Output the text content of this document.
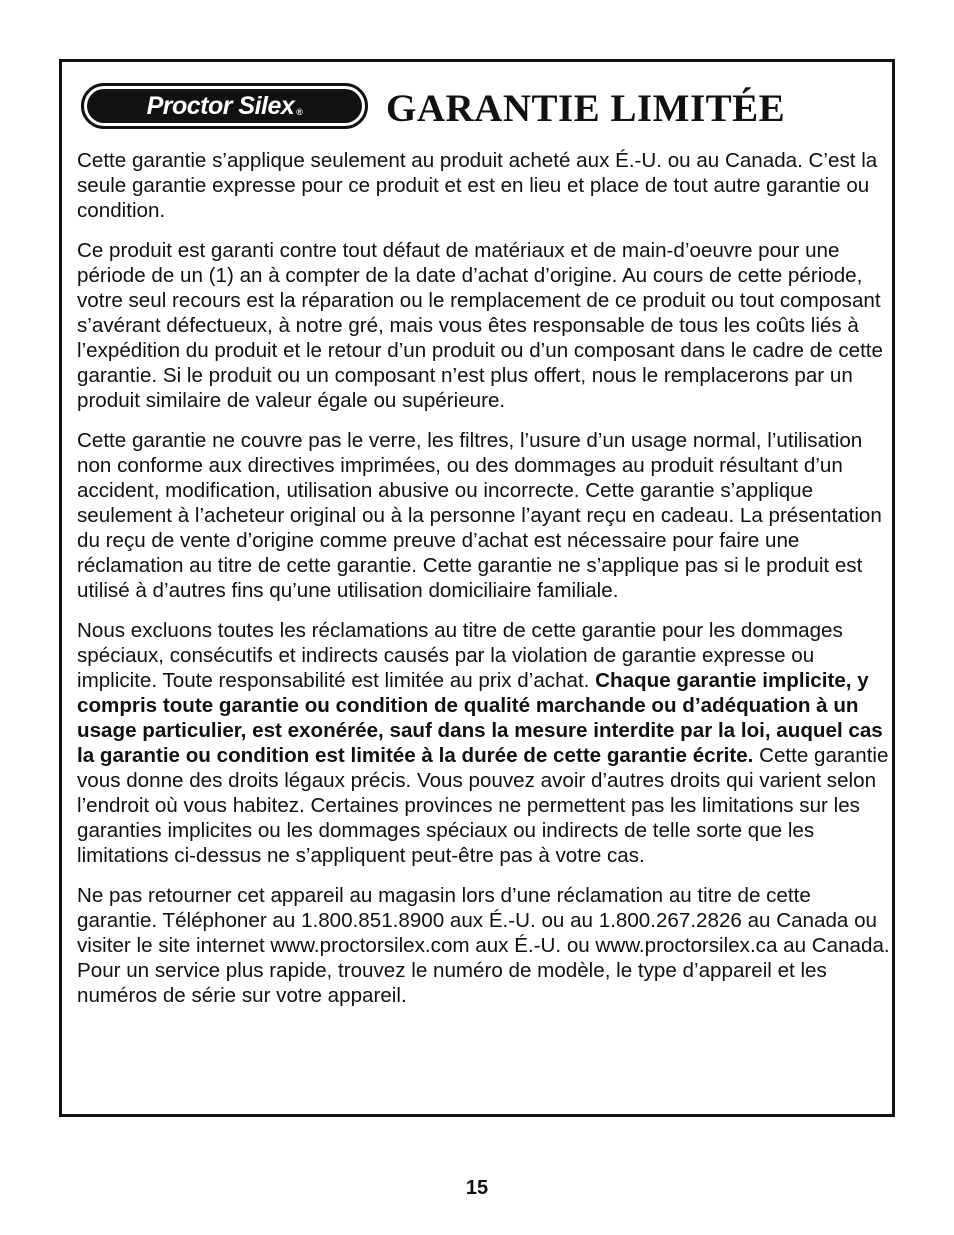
Proctor Silex ® GARANTIE LIMITÉE

Cette garantie s’applique seulement au produit acheté aux É.-U. ou au Canada. C’est la seule garantie expresse pour ce produit et est en lieu et place de tout autre garantie ou condition.

Ce produit est garanti contre tout défaut de matériaux et de main-d’oeuvre pour une période de un (1) an à compter de la date d’achat d’origine. Au cours de cette période, votre seul recours est la réparation ou le remplacement de ce produit ou tout composant s’avérant défectueux, à notre gré, mais vous êtes responsable de tous les coûts liés à l’expédition du produit et le retour d’un produit ou d’un composant dans le cadre de cette garantie. Si le produit ou un composant n’est plus offert, nous le remplacerons par un produit similaire de valeur égale ou supérieure.

Cette garantie ne couvre pas le verre, les filtres, l’usure d’un usage normal, l’utilisation non conforme aux directives imprimées, ou des dommages au produit résultant d’un accident, modification, utilisation abusive ou incorrecte. Cette garantie s’applique seulement à l’acheteur original ou à la personne l’ayant reçu en cadeau. La présentation du reçu de vente d’origine comme preuve d’achat est nécessaire pour faire une réclamation au titre de cette garantie. Cette garantie ne s’applique pas si le produit est utilisé à d’autres fins qu’une utilisation domiciliaire familiale.

Nous excluons toutes les réclamations au titre de cette garantie pour les dommages spéciaux, consécutifs et indirects causés par la violation de garantie expresse ou implicite. Toute responsabilité est limitée au prix d’achat. Chaque garantie implicite, y compris toute garantie ou condition de qualité marchande ou d’adéquation à un usage particulier, est exonérée, sauf dans la mesure interdite par la loi, auquel cas la garantie ou condition est limitée à la durée de cette garantie écrite. Cette garantie vous donne des droits légaux précis. Vous pouvez avoir d’autres droits qui varient selon l’endroit où vous habitez. Certaines provinces ne permettent pas les limitations sur les garanties implicites ou les dommages spéciaux ou indirects de telle sorte que les limitations ci-dessus ne s’appliquent peut-être pas à votre cas.

Ne pas retourner cet appareil au magasin lors d’une réclamation au titre de cette garantie. Téléphoner au 1.800.851.8900 aux É.-U. ou au 1.800.267.2826 au Canada ou visiter le site internet www.proctorsilex.com aux É.-U. ou www.proctorsilex.ca au Canada. Pour un service plus rapide, trouvez le numéro de modèle, le type d’appareil et les numéros de série sur votre appareil.

15
